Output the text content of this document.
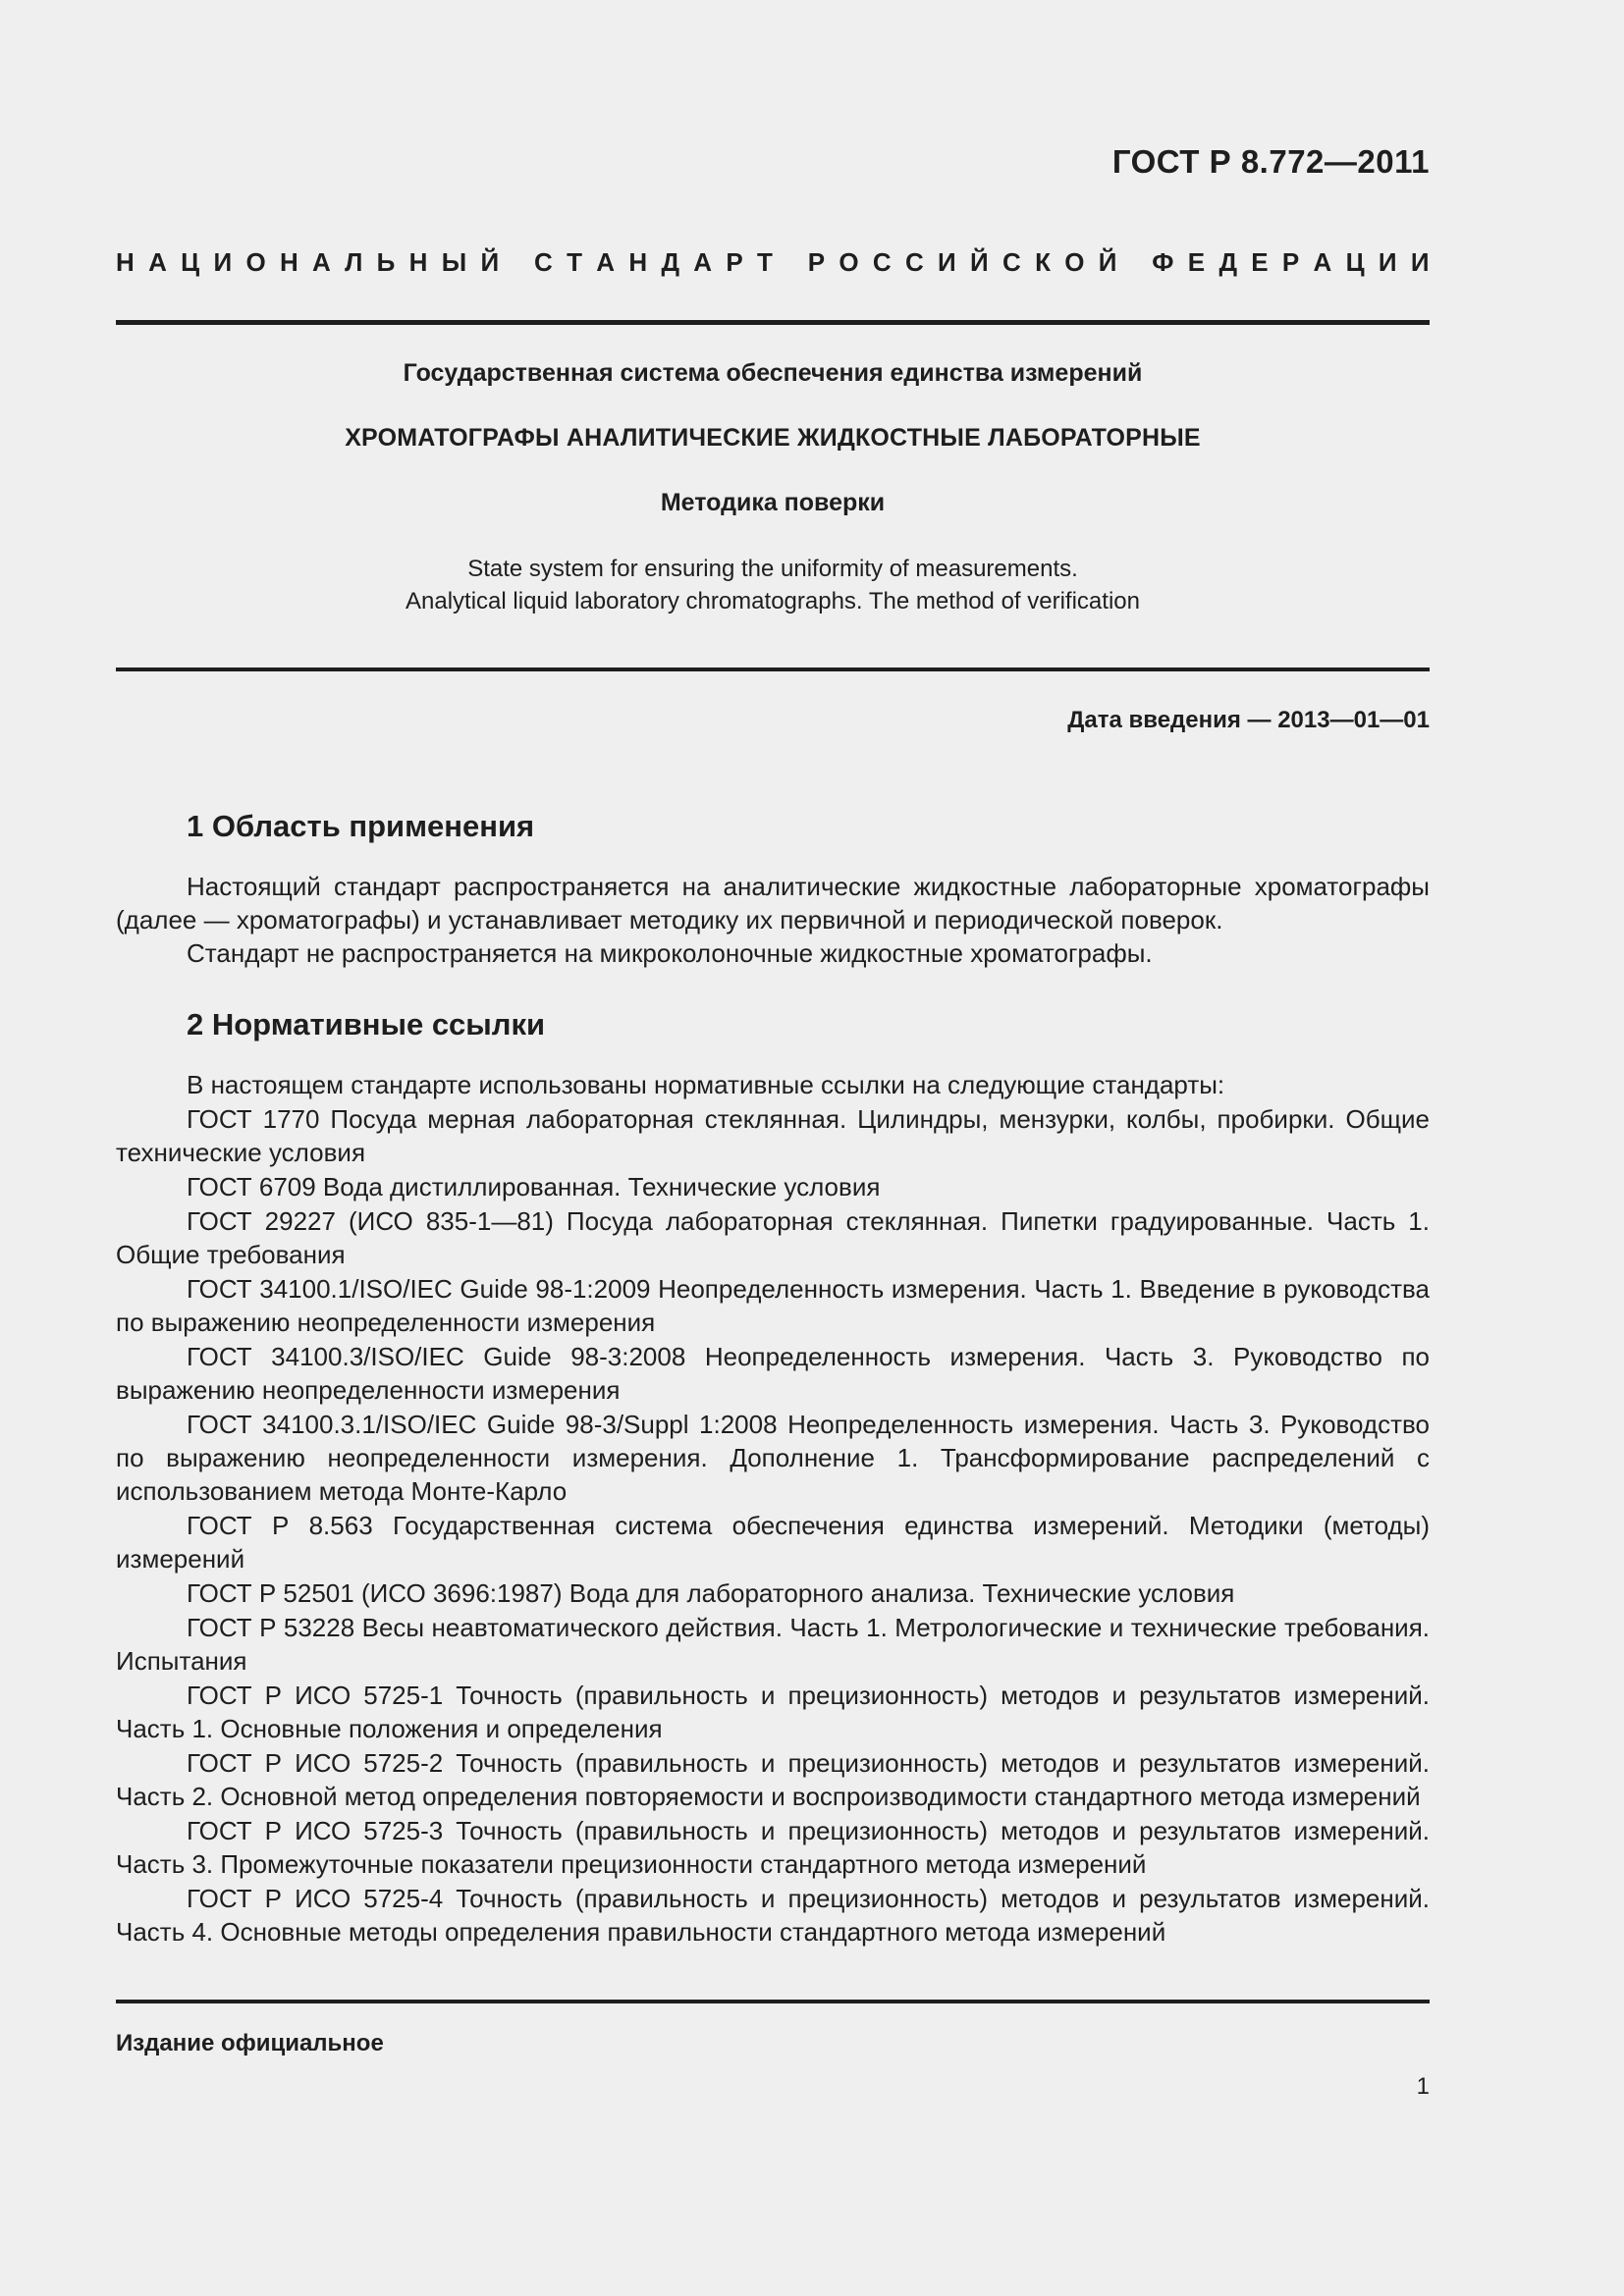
ГОСТ Р 8.772—2011
Н А Ц И О Н А Л Ь Н Ы Й
С Т А Н Д А Р Т
Р О С С И Й С К О Й
Ф Е Д Е Р А Ц И И
Государственная система обеспечения единства измерений
ХРОМАТОГРАФЫ АНАЛИТИЧЕСКИЕ ЖИДКОСТНЫЕ ЛАБОРАТОРНЫЕ
Методика поверки
State system for ensuring the uniformity of measurements.
Analytical liquid laboratory chromatographs. The method of verification
Дата введения — 2013—01—01
1 Область применения

Настоящий стандарт распространяется на аналитические жидкостные лабораторные хроматографы (далее — хроматографы) и устанавливает методику их первичной и периодической поверок.

Стандарт не распространяется на микроколоночные жидкостные хроматографы.

2 Нормативные ссылки

В настоящем стандарте использованы нормативные ссылки на следующие стандарты:

ГОСТ 1770 Посуда мерная лабораторная стеклянная. Цилиндры, мензурки, колбы, пробирки. Общие технические условия

ГОСТ 6709 Вода дистиллированная. Технические условия

ГОСТ 29227 (ИСО 835-1—81) Посуда лабораторная стеклянная. Пипетки градуированные. Часть 1. Общие требования

ГОСТ 34100.1/ISO/IEC Guide 98-1:2009 Неопределенность измерения. Часть 1. Введение в руководства по выражению неопределенности измерения

ГОСТ 34100.3/ISO/IEC Guide 98-3:2008 Неопределенность измерения. Часть 3. Руководство по выражению неопределенности измерения

ГОСТ 34100.3.1/ISO/IEC Guide 98-3/Suppl 1:2008 Неопределенность измерения. Часть 3. Руководство по выражению неопределенности измерения. Дополнение 1. Трансформирование распределений с использованием метода Монте-Карло

ГОСТ Р 8.563 Государственная система обеспечения единства измерений. Методики (методы) измерений

ГОСТ Р 52501 (ИСО 3696:1987) Вода для лабораторного анализа. Технические условия

ГОСТ Р 53228 Весы неавтоматического действия. Часть 1. Метрологические и технические требования. Испытания

ГОСТ Р ИСО 5725-1 Точность (правильность и прецизионность) методов и результатов измерений. Часть 1. Основные положения и определения

ГОСТ Р ИСО 5725-2 Точность (правильность и прецизионность) методов и результатов измерений. Часть 2. Основной метод определения повторяемости и воспроизводимости стандартного метода измерений

ГОСТ Р ИСО 5725-3 Точность (правильность и прецизионность) методов и результатов измерений. Часть 3. Промежуточные показатели прецизионности стандартного метода измерений

ГОСТ Р ИСО 5725-4 Точность (правильность и прецизионность) методов и результатов измерений. Часть 4. Основные методы определения правильности стандартного метода измерений

Издание официальное
1
